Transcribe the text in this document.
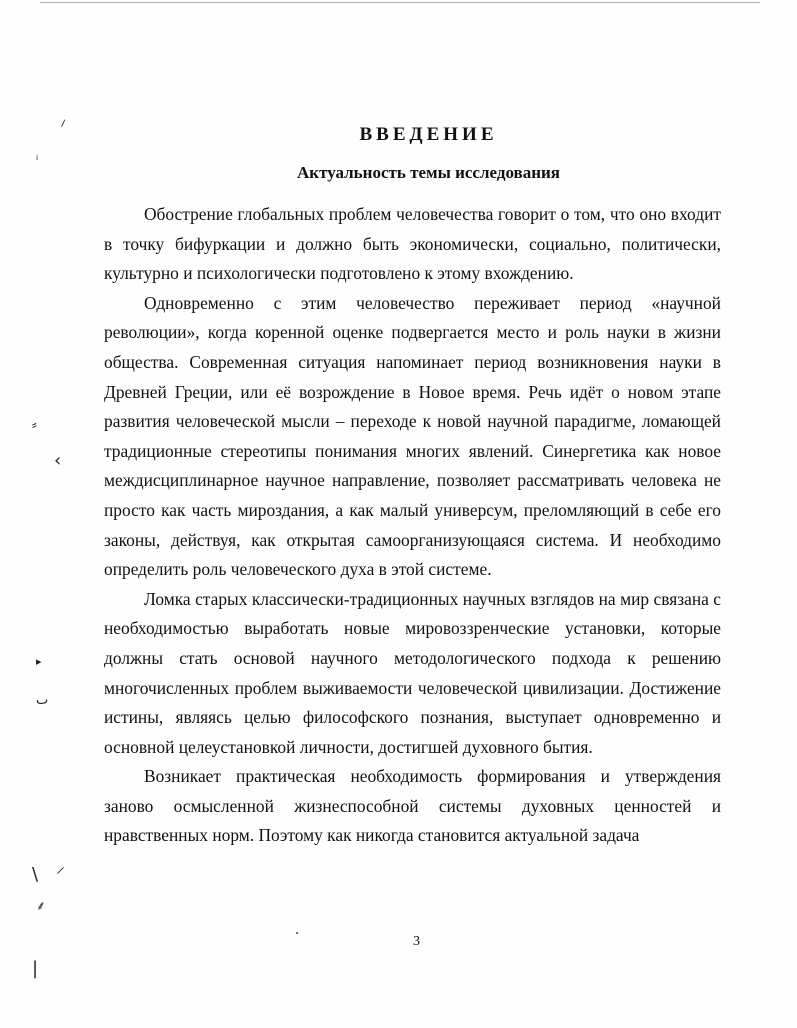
⸝
ᵢ
⸗
‹
▸
ٮ
\ ⸍
⸙
|
ВВЕДЕНИЕ
Актуальность темы исследования

Обострение глобальных проблем человечества говорит о том, что оно входит в точку бифуркации и должно быть экономически, социально, политически, культурно и психологически подготовлено к этому вхождению.

Одновременно с этим человечество переживает период «научной революции», когда коренной оценке подвергается место и роль науки в жизни общества. Современная ситуация напоминает период возникновения науки в Древней Греции, или её возрождение в Новое время. Речь идёт о новом этапе развития человеческой мысли – переходе к новой научной парадигме, ломающей традиционные стереотипы понимания многих явлений. Синергетика как новое междисциплинарное научное направление, позволяет рассматривать человека не просто как часть мироздания, а как малый универсум, преломляющий в себе его законы, действуя, как открытая самоорганизующаяся система. И необходимо определить роль человеческого духа в этой системе.

Ломка старых классически-традиционных научных взглядов на мир связана с необходимостью выработать новые мировоззренческие установки, которые должны стать основой научного методологического подхода к решению многочисленных проблем выживаемости человеческой цивилизации. Достижение истины, являясь целью философского познания, выступает одновременно и основной целеустановкой личности, достигшей духовного бытия.

Возникает практическая необходимость формирования и утверждения заново осмысленной жизнеспособной системы духовных ценностей и нравственных норм. Поэтому как никогда становится актуальной задача

3
